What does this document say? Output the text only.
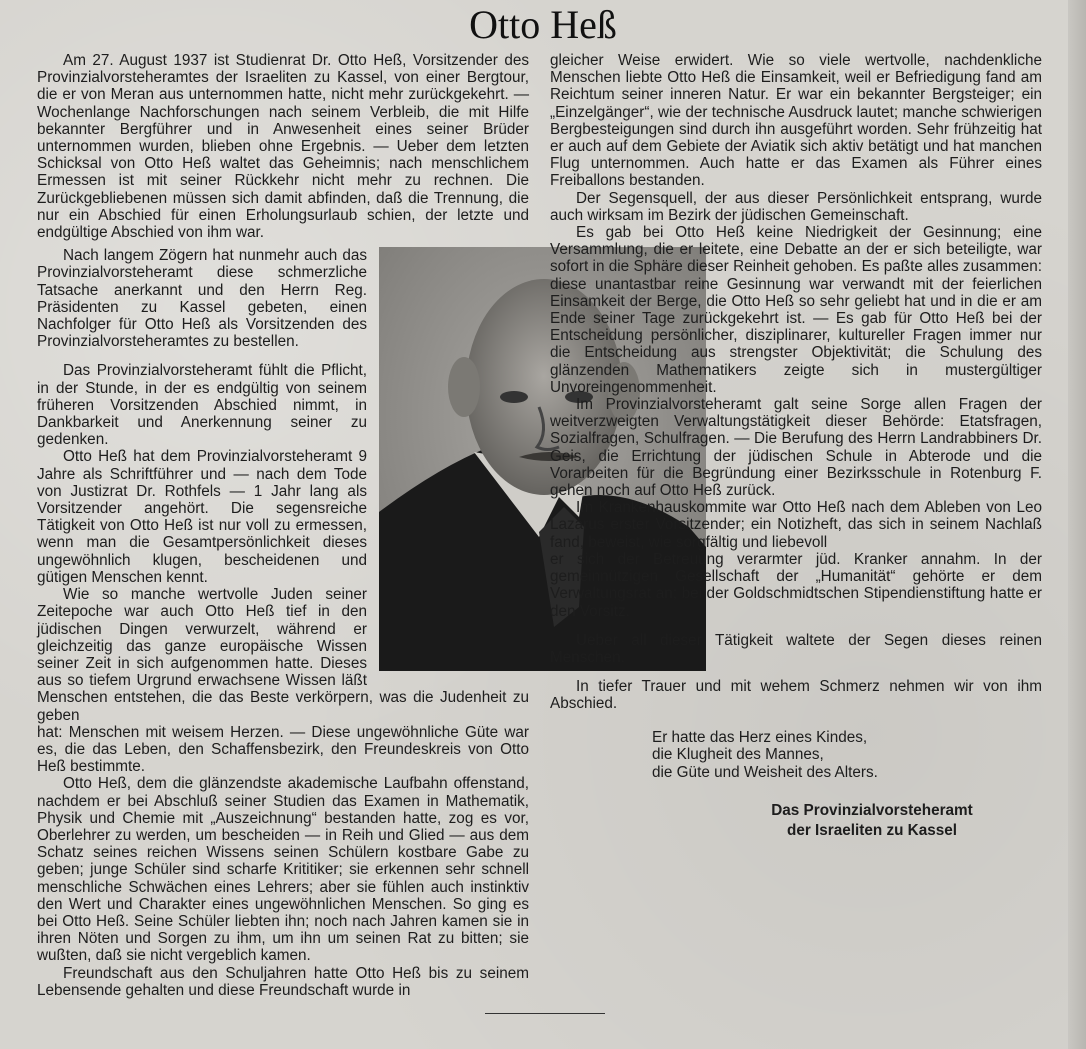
Otto Heß

Am 27. August 1937 ist Studienrat Dr. Otto Heß, Vorsitzender des Provinzialvorsteheramtes der Israeliten zu Kassel, von einer Bergtour, die er von Meran aus unternommen hatte, nicht mehr zurückgekehrt. — Wochenlange Nachforschungen nach seinem Verbleib, die mit Hilfe bekannter Bergführer und in Anwesenheit eines seiner Brüder unternommen wurden, blieben ohne Ergebnis. — Ueber dem letzten Schicksal von Otto Heß waltet das Geheimnis; nach menschlichem Ermessen ist mit seiner Rückkehr nicht mehr zu rechnen. Die Zurückgebliebenen müssen sich damit abfinden, daß die Trennung, die nur ein Abschied für einen Erholungsurlaub schien, der letzte und endgültige Abschied von ihm war.

Nach langem Zögern hat nunmehr auch das Provinzialvorsteheramt diese schmerzliche Tatsache anerkannt und den Herrn Reg. Präsidenten zu Kassel gebeten, einen Nachfolger für Otto Heß als Vorsitzenden des Provinzialvorsteheramtes zu bestellen.

Das Provinzialvorsteheramt fühlt die Pflicht, in der Stunde, in der es endgültig von seinem früheren Vorsitzenden Abschied nimmt, in Dankbarkeit und Anerkennung seiner zu gedenken.

Otto Heß hat dem Provinzialvorsteheramt 9 Jahre als Schriftführer und — nach dem Tode von Justizrat Dr. Rothfels — 1 Jahr lang als Vorsitzender angehört. Die segensreiche Tätigkeit von Otto Heß ist nur voll zu ermessen, wenn man die Gesamtpersönlichkeit dieses ungewöhnlich klugen, bescheidenen und gütigen Menschen kennt.

Wie so manche wertvolle Juden seiner Zeitepoche war auch Otto Heß tief in den jüdischen Dingen verwurzelt, während er gleichzeitig das ganze europäische Wissen seiner Zeit in sich aufgenommen hatte. Dieses aus so tiefem Urgrund erwachsene Wissen läßt Menschen entstehen, die das Beste verkörpern, was die Judenheit zu geben

hat: Menschen mit weisem Herzen. — Diese ungewöhnliche Güte war es, die das Leben, den Schaffensbezirk, den Freundeskreis von Otto Heß bestimmte.

Otto Heß, dem die glänzendste akademische Laufbahn offenstand, nachdem er bei Abschluß seiner Studien das Examen in Mathematik, Physik und Chemie mit „Auszeichnung“ bestanden hatte, zog es vor, Oberlehrer zu werden, um bescheiden — in Reih und Glied — aus dem Schatz seines reichen Wissens seinen Schülern kostbare Gabe zu geben; junge Schüler sind scharfe Krititiker; sie erkennen sehr schnell menschliche Schwächen eines Lehrers; aber sie fühlen auch instinktiv den Wert und Charakter eines ungewöhnlichen Menschen. So ging es bei Otto Heß. Seine Schüler liebten ihn; noch nach Jahren kamen sie in ihren Nöten und Sorgen zu ihm, um ihn um seinen Rat zu bitten; sie wußten, daß sie nicht vergeblich kamen.

Freundschaft aus den Schuljahren hatte Otto Heß bis zu seinem Lebensende gehalten und diese Freundschaft wurde in

gleicher Weise erwidert. Wie so viele wertvolle, nachdenkliche Menschen liebte Otto Heß die Einsamkeit, weil er Befriedigung fand am Reichtum seiner inneren Natur. Er war ein bekannter Bergsteiger; ein „Einzelgänger“, wie der technische Ausdruck lautet; manche schwierigen Bergbesteigungen sind durch ihn ausgeführt worden. Sehr frühzeitig hat er auch auf dem Gebiete der Aviatik sich aktiv betätigt und hat manchen Flug unternommen. Auch hatte er das Examen als Führer eines Freiballons bestanden.

Der Segensquell, der aus dieser Persönlichkeit entsprang, wurde auch wirksam im Bezirk der jüdischen Gemeinschaft.

Es gab bei Otto Heß keine Niedrigkeit der Gesinnung; eine Versammlung, die er leitete, eine Debatte an der er sich beteiligte, war sofort in die Sphäre dieser Reinheit gehoben. Es paßte alles zusammen: diese unantastbar reine Gesinnung war verwandt mit der feierlichen Einsamkeit der Berge, die Otto Heß so sehr geliebt hat und in die er am Ende seiner Tage zurückgekehrt ist. — Es gab für Otto Heß bei der Entscheidung persönlicher, disziplinarer, kultureller Fragen immer nur die Entscheidung aus strengster Objektivität; die Schulung des glänzenden Mathematikers zeigte sich in mustergültiger Unvoreingenommenheit.

Im Provinzialvorsteheramt galt seine Sorge allen Fragen der weitverzweigten Verwaltungstätigkeit dieser Behörde: Etatsfragen, Sozialfragen, Schulfragen. — Die Berufung des Herrn Landrabbiners Dr. Geis, die Errichtung der jüdischen Schule in Abterode und die Vorarbeiten für die Begründung einer Bezirksschule in Rotenburg F. gehen noch auf Otto Heß zurück.

Im Krankenhauskommite war Otto Heß nach dem Ableben von Leo Lazarus erster Vorsitzender; ein Notizheft, das sich in seinem Nachlaß fand, beweist, wie sorgfältig und liebevoll

er sich der Betreuung verarmter jüd. Kranker annahm. In der gemeinnützigen Gesellschaft der „Humanität“ gehörte er dem Verwaltungsrat an; bei der Goldschmidtschen Stipendienstiftung hatte er den Vorsitz.

Ueber all dieser Tätigkeit waltete der Segen dieses reinen Menschen.

In tiefer Trauer und mit wehem Schmerz nehmen wir von ihm Abschied.

Er hatte das Herz eines Kindes,
die Klugheit des Mannes,
die Güte und Weisheit des Alters.
Das Provinzialvorsteheramt
der Israeliten zu Kassel
